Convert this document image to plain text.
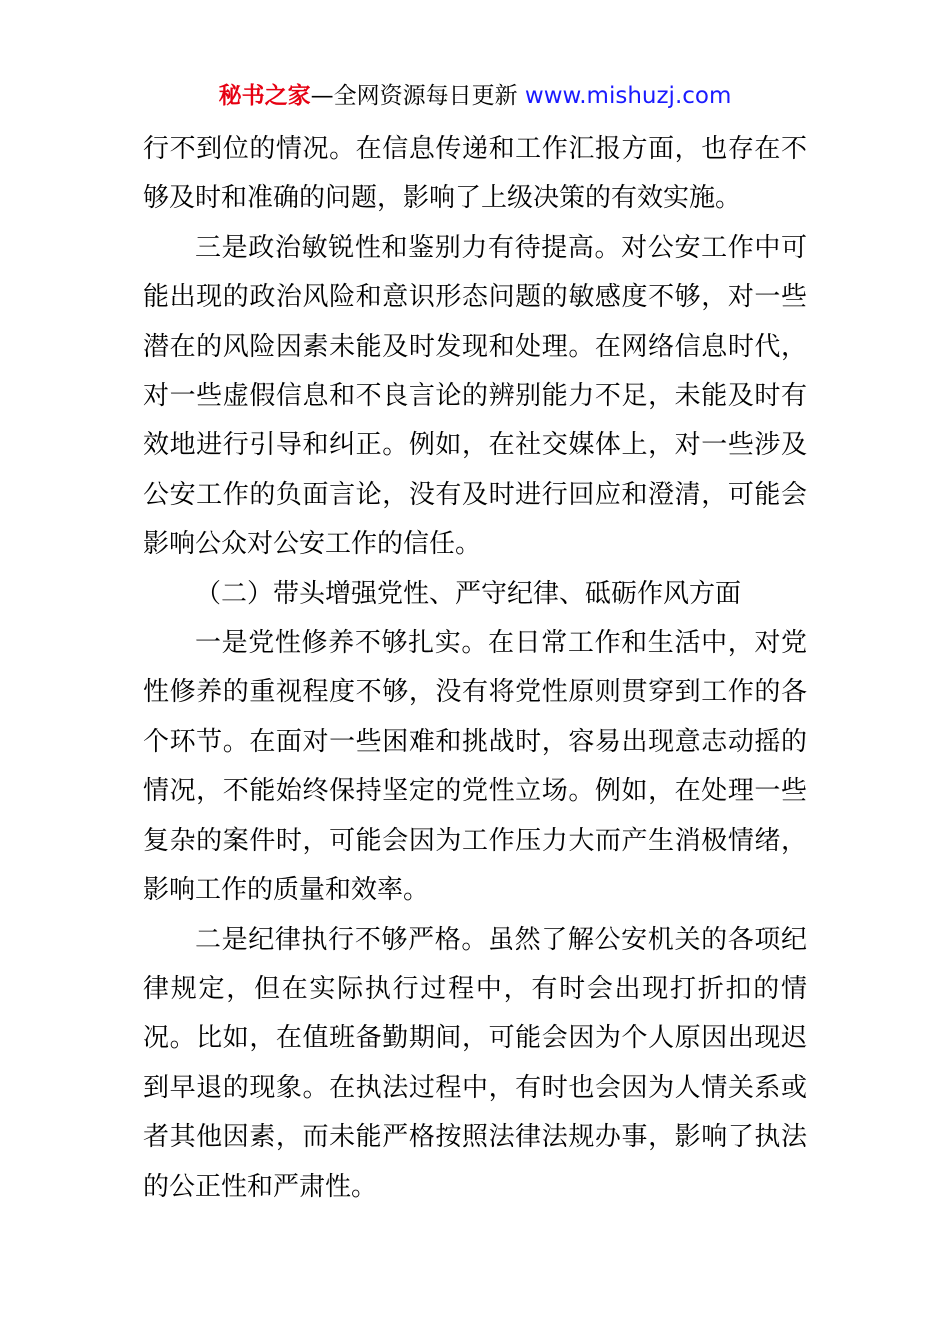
秘书之家—全网资源每日更新 www.mishuzj.com

行不到位的情况。在信息传递和工作汇报方面，也存在不够及时和准确的问题，影响了上级决策的有效实施。

三是政治敏锐性和鉴别力有待提高。对公安工作中可能出现的政治风险和意识形态问题的敏感度不够，对一些潜在的风险因素未能及时发现和处理。在网络信息时代，对一些虚假信息和不良言论的辨别能力不足，未能及时有效地进行引导和纠正。例如，在社交媒体上，对一些涉及公安工作的负面言论，没有及时进行回应和澄清，可能会影响公众对公安工作的信任。

（二）带头增强党性、严守纪律、砥砺作风方面

一是党性修养不够扎实。在日常工作和生活中，对党性修养的重视程度不够，没有将党性原则贯穿到工作的各个环节。在面对一些困难和挑战时，容易出现意志动摇的情况，不能始终保持坚定的党性立场。例如，在处理一些复杂的案件时，可能会因为工作压力大而产生消极情绪，影响工作的质量和效率。

二是纪律执行不够严格。虽然了解公安机关的各项纪律规定，但在实际执行过程中，有时会出现打折扣的情况。比如，在值班备勤期间，可能会因为个人原因出现迟到早退的现象。在执法过程中，有时也会因为人情关系或者其他因素，而未能严格按照法律法规办事，影响了执法的公正性和严肃性。
